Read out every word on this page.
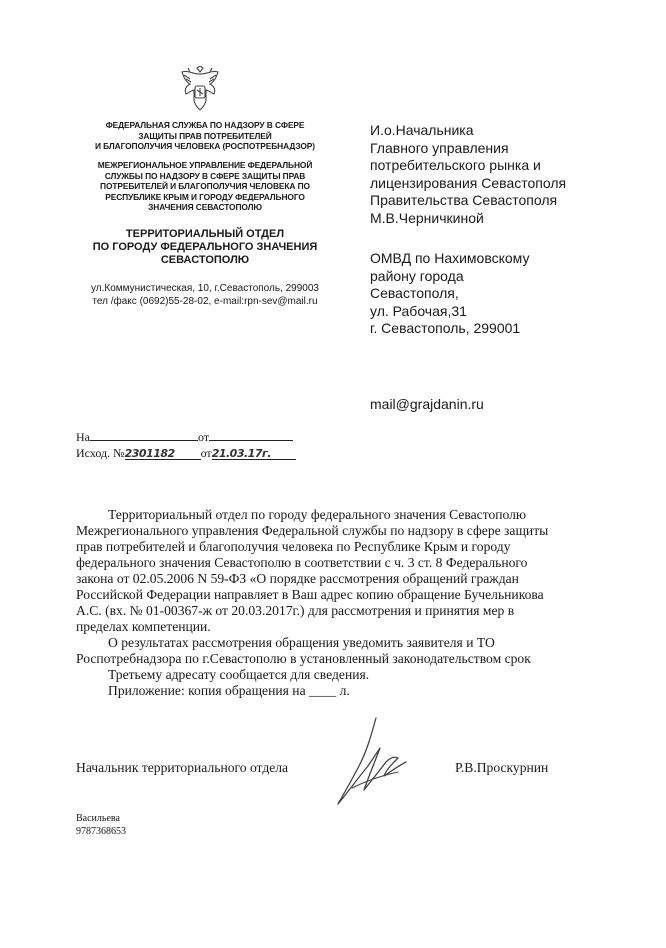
ФЕДЕРАЛЬНАЯ СЛУЖБА ПО НАДЗОРУ В СФЕРЕ
ЗАЩИТЫ ПРАВ ПОТРЕБИТЕЛЕЙ
И БЛАГОПОЛУЧИЯ ЧЕЛОВЕКА (РОСПОТРЕБНАДЗОР)
МЕЖРЕГИОНАЛЬНОЕ УПРАВЛЕНИЕ ФЕДЕРАЛЬНОЙ
СЛУЖБЫ ПО НАДЗОРУ В СФЕРЕ ЗАЩИТЫ ПРАВ
ПОТРЕБИТЕЛЕЙ И БЛАГОПОЛУЧИЯ ЧЕЛОВЕКА ПО
РЕСПУБЛИКЕ КРЫМ И ГОРОДУ ФЕДЕРАЛЬНОГО
ЗНАЧЕНИЯ СЕВАСТОПОЛЮ
ТЕРРИТОРИАЛЬНЫЙ ОТДЕЛ
ПО ГОРОДУ ФЕДЕРАЛЬНОГО ЗНАЧЕНИЯ
СЕВАСТОПОЛЮ
ул.Коммунистическая, 10, г.Севастополь, 299003
тел /факс (0692)55-28-02, e-mail:rpn-sev@mail.ru
И.о.Начальника
Главного управления
потребительского рынка и
лицензирования Севастополя
Правительства Севастополя
М.В.Черничкиной
ОМВД по Нахимовскому
району города
Севастополя,
ул. Рабочая,31
г. Севастополь, 299001
mail@grajdanin.ru
На	от
Исход. №2301182 от21.03.17г.

Территориальный отдел по городу федерального значения Севастополю

Межрегионального управления Федеральной службы по надзору в сфере защиты

прав потребителей и благополучия человека по Республике Крым и городу

федерального значения Севастополю в соответствии с ч. 3 ст. 8 Федерального

закона от 02.05.2006 N 59-ФЗ «О порядке рассмотрения обращений граждан

Российской Федерации направляет в Ваш адрес копию обращение Бучельникова

А.С. (вх. № 01-00367-ж от 20.03.2017г.) для рассмотрения и принятия мер в

пределах компетенции.

О результатах рассмотрения обращения уведомить заявителя и ТО

Роспотребнадзора по г.Севастополю в установленный законодательством срок

Третьему адресату сообщается для сведения.

Приложение: копия обращения на ____ л.

Начальник территориального отдела	Р.В.Проскурнин
Васильева
9787368653
